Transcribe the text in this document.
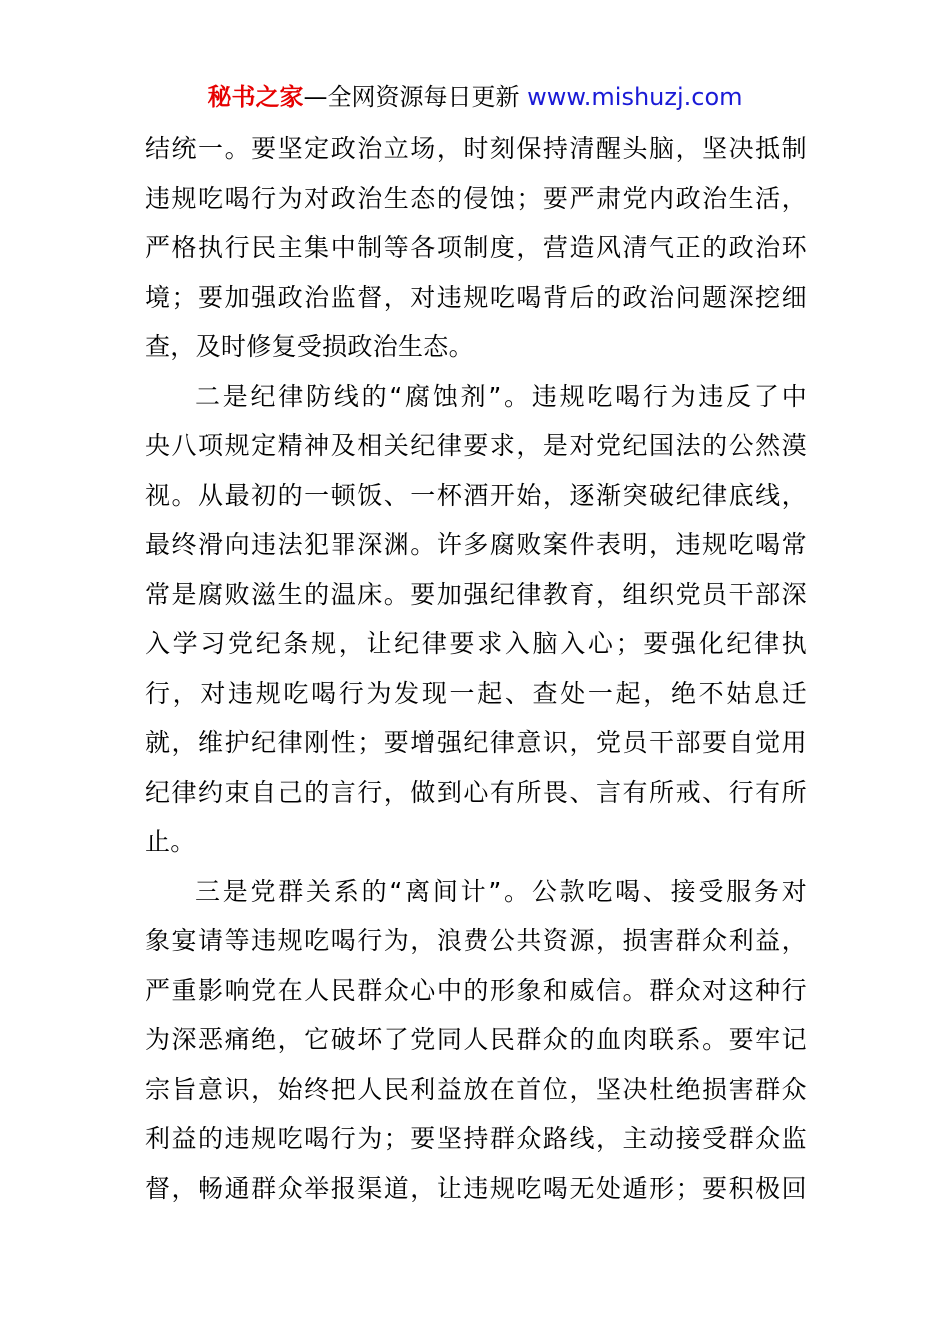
秘书之家—全网资源每日更新 www.mishuzj.com
结统一。要坚定政治立场，时刻保持清醒头脑，坚决抵制
违规吃喝行为对政治生态的侵蚀；要严肃党内政治生活，
严格执行民主集中制等各项制度，营造风清气正的政治环
境；要加强政治监督，对违规吃喝背后的政治问题深挖细
查，及时修复受损政治生态。
二是纪律防线的“腐蚀剂”。违规吃喝行为违反了中
央八项规定精神及相关纪律要求，是对党纪国法的公然漠
视。从最初的一顿饭、一杯酒开始，逐渐突破纪律底线，
最终滑向违法犯罪深渊。许多腐败案件表明，违规吃喝常
常是腐败滋生的温床。要加强纪律教育，组织党员干部深
入学习党纪条规，让纪律要求入脑入心；要强化纪律执
行，对违规吃喝行为发现一起、查处一起，绝不姑息迁
就，维护纪律刚性；要增强纪律意识，党员干部要自觉用
纪律约束自己的言行，做到心有所畏、言有所戒、行有所
止。
三是党群关系的“离间计”。公款吃喝、接受服务对
象宴请等违规吃喝行为，浪费公共资源，损害群众利益，
严重影响党在人民群众心中的形象和威信。群众对这种行
为深恶痛绝，它破坏了党同人民群众的血肉联系。要牢记
宗旨意识，始终把人民利益放在首位，坚决杜绝损害群众
利益的违规吃喝行为；要坚持群众路线，主动接受群众监
督，畅通群众举报渠道，让违规吃喝无处遁形；要积极回
